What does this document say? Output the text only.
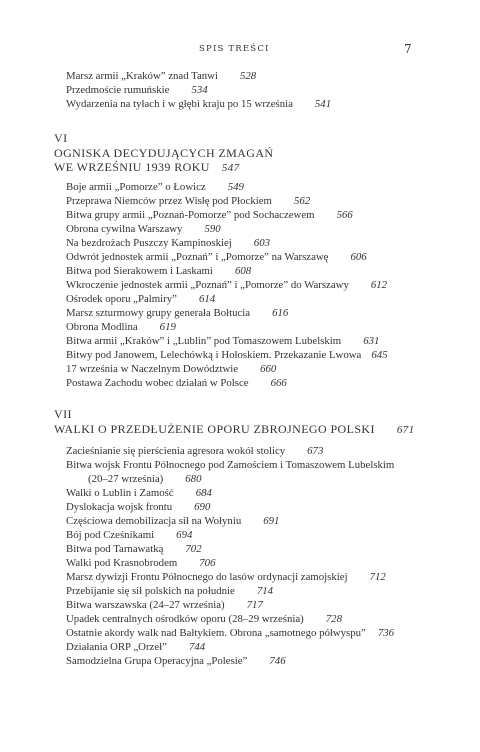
SPIS TREŚCI	7
Marsz armii „Kraków” znad Tanwi 528
Przedmoście rumuńskie 534
Wydarzenia na tyłach i w głębi kraju po 15 września 541
VI
OGNISKA DECYDUJĄCYCH ZMAGAŃ
WE WRZEŚNIU 1939 ROKU 547
Boje armii „Pomorze” o Łowicz 549
Przeprawa Niemców przez Wisłę pod Płockiem 562
Bitwa grupy armii „Poznań-Pomorze” pod Sochaczewem 566
Obrona cywilna Warszawy 590
Na bezdrożach Puszczy Kampinoskiej 603
Odwrót jednostek armii „Poznań” i „Pomorze” na Warszawę 606
Bitwa pod Sierakowem i Laskami 608
Wkroczenie jednostek armii „Poznań” i „Pomorze” do Warszawy 612
Ośrodek oporu „Palmiry” 614
Marsz szturmowy grupy generała Bołtucia 616
Obrona Modlina 619
Bitwa armii „Kraków” i „Lublin” pod Tomaszowem Lubelskim 631
Bitwy pod Janowem, Lelechówką i Hołoskiem. Przekazanie Lwowa 645
17 września w Naczelnym Dowództwie 660
Postawa Zachodu wobec działań w Polsce 666
VII
WALKI O PRZEDŁUŻENIE OPORU ZBROJNEGO POLSKI 671
Zacieśnianie się pierścienia agresora wokół stolicy 673
Bitwa wojsk Frontu Północnego pod Zamościem i Tomaszowem Lubelskim
(20–27 września) 680
Walki o Lublin i Zamość 684
Dyslokacja wojsk frontu 690
Częściowa demobilizacja sił na Wołyniu 691
Bój pod Cześnikami 694
Bitwa pod Tarnawatką 702
Walki pod Krasnobrodem 706
Marsz dywizji Frontu Północnego do lasów ordynacji zamojskiej 712
Przebijanie się sił polskich na południe 714
Bitwa warszawska (24–27 września) 717
Upadek centralnych ośrodków oporu (28–29 września) 728
Ostatnie akordy walk nad Bałtykiem. Obrona „samotnego półwyspu” 736
Działania ORP „Orzeł” 744
Samodzielna Grupa Operacyjna „Polesie” 746
